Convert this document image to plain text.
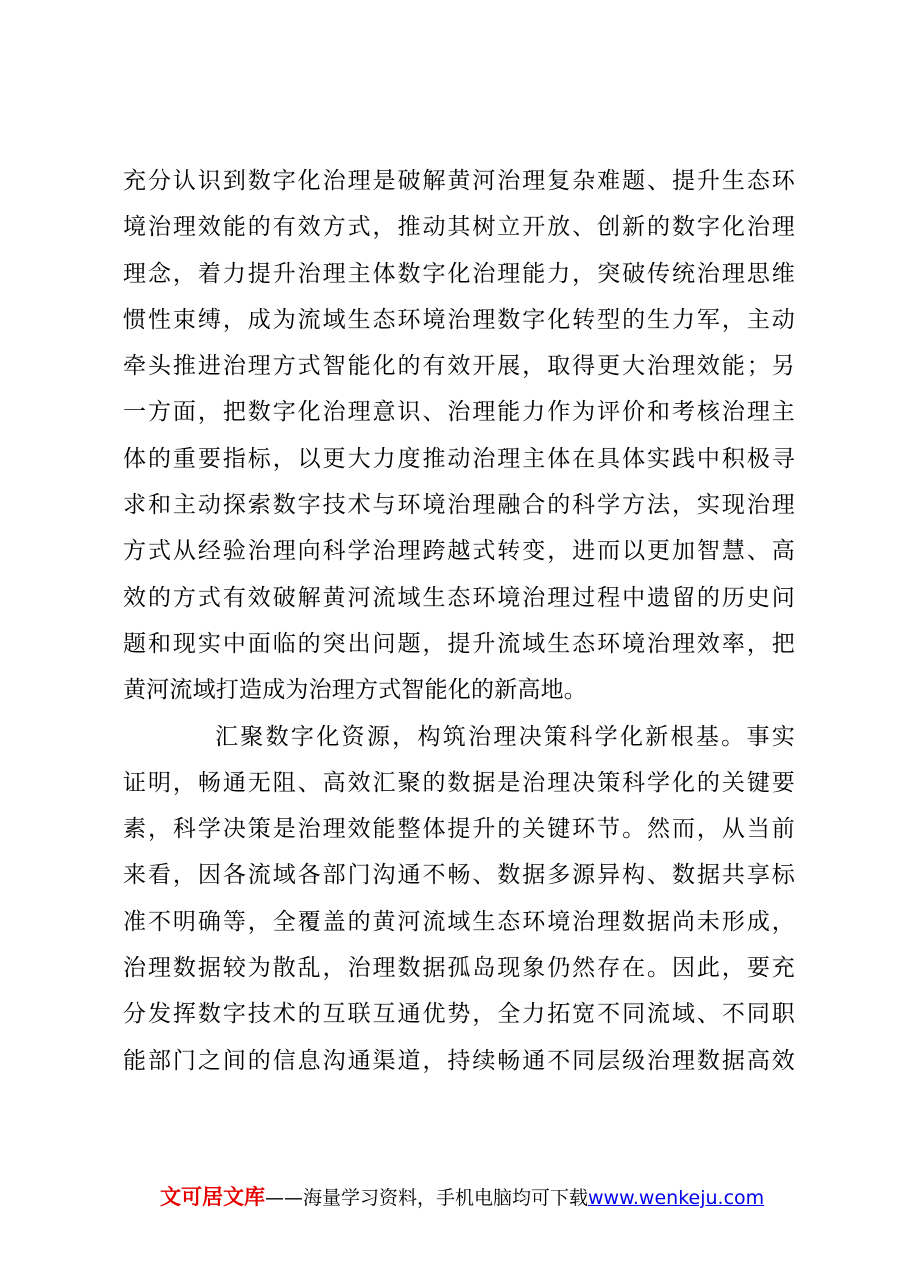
充分认识到数字化治理是破解黄河治理复杂难题、提升生态环
境治理效能的有效方式，推动其树立开放、创新的数字化治理
理念，着力提升治理主体数字化治理能力，突破传统治理思维
惯性束缚，成为流域生态环境治理数字化转型的生力军，主动
牵头推进治理方式智能化的有效开展，取得更大治理效能；另
一方面，把数字化治理意识、治理能力作为评价和考核治理主
体的重要指标，以更大力度推动治理主体在具体实践中积极寻
求和主动探索数字技术与环境治理融合的科学方法，实现治理
方式从经验治理向科学治理跨越式转变，进而以更加智慧、高
效的方式有效破解黄河流域生态环境治理过程中遗留的历史问
题和现实中面临的突出问题，提升流域生态环境治理效率，把
黄河流域打造成为治理方式智能化的新高地。
汇聚数字化资源，构筑治理决策科学化新根基。事实
证明，畅通无阻、高效汇聚的数据是治理决策科学化的关键要
素，科学决策是治理效能整体提升的关键环节。然而，从当前
来看，因各流域各部门沟通不畅、数据多源异构、数据共享标
准不明确等，全覆盖的黄河流域生态环境治理数据尚未形成，
治理数据较为散乱，治理数据孤岛现象仍然存在。因此，要充
分发挥数字技术的互联互通优势，全力拓宽不同流域、不同职
能部门之间的信息沟通渠道，持续畅通不同层级治理数据高效
文可居文库——海量学习资料，手机电脑均可下载www.wenkeju.com
